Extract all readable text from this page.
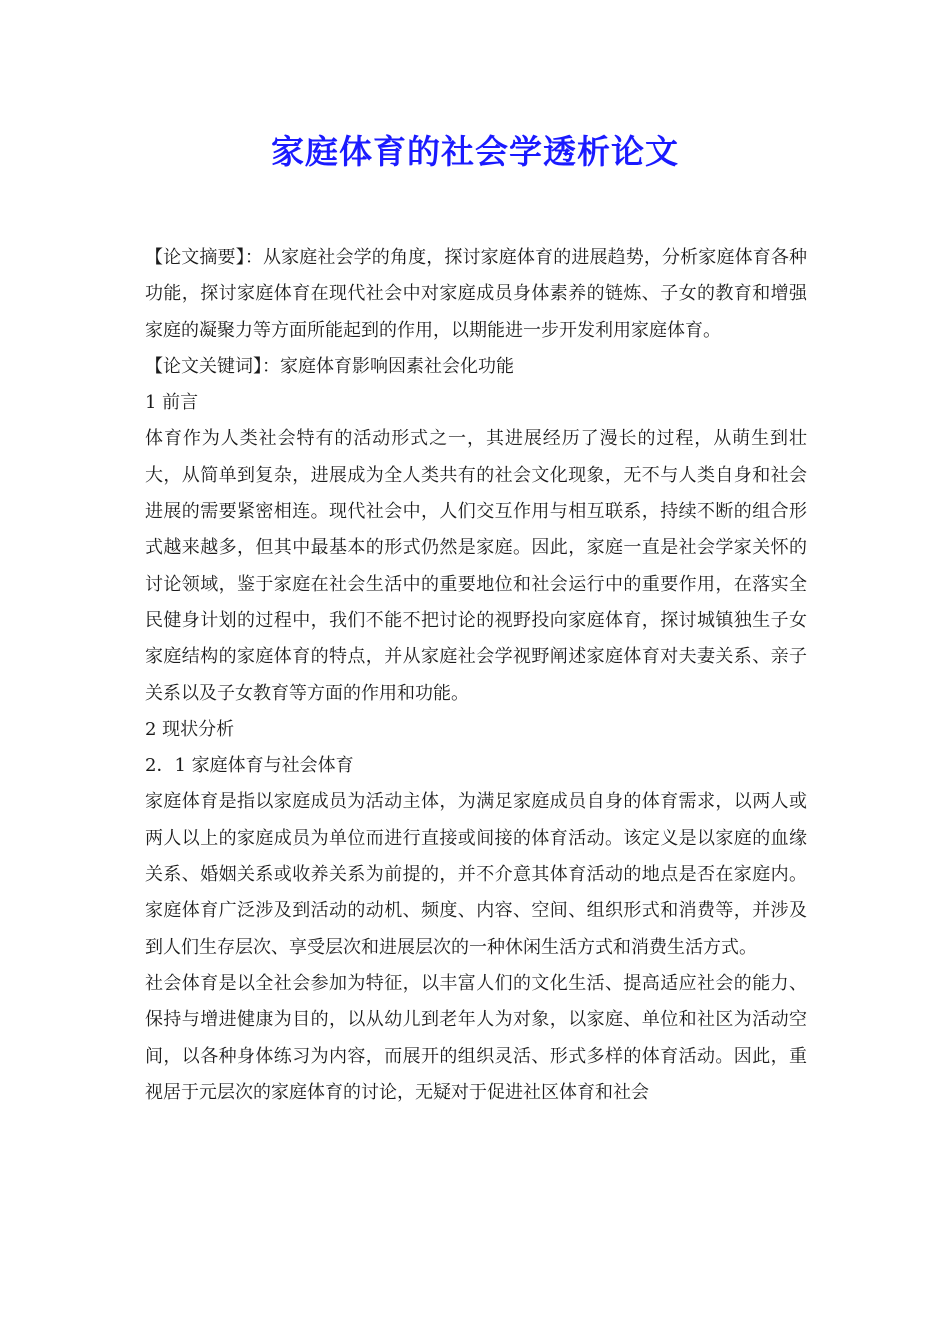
家庭体育的社会学透析论文

【论文摘要】：从家庭社会学的角度，探讨家庭体育的进展趋势，分析家庭体育各种功能，探讨家庭体育在现代社会中对家庭成员身体素养的链炼、子女的教育和增强家庭的凝聚力等方面所能起到的作用，以期能进一步开发利用家庭体育。

【论文关键词】：家庭体育影响因素社会化功能

1 前言

体育作为人类社会特有的活动形式之一，其进展经历了漫长的过程，从萌生到壮大，从简单到复杂，进展成为全人类共有的社会文化现象，无不与人类自身和社会进展的需要紧密相连。现代社会中，人们交互作用与相互联系，持续不断的组合形式越来越多，但其中最基本的形式仍然是家庭。因此，家庭一直是社会学家关怀的讨论领域，鉴于家庭在社会生活中的重要地位和社会运行中的重要作用，在落实全民健身计划的过程中，我们不能不把讨论的视野投向家庭体育，探讨城镇独生子女家庭结构的家庭体育的特点，并从家庭社会学视野阐述家庭体育对夫妻关系、亲子关系以及子女教育等方面的作用和功能。

2 现状分析

2．1 家庭体育与社会体育

家庭体育是指以家庭成员为活动主体，为满足家庭成员自身的体育需求，以两人或两人以上的家庭成员为单位而进行直接或间接的体育活动。该定义是以家庭的血缘关系、婚姻关系或收养关系为前提的，并不介意其体育活动的地点是否在家庭内。家庭体育广泛涉及到活动的动机、频度、内容、空间、组织形式和消费等，并涉及到人们生存层次、享受层次和进展层次的一种休闲生活方式和消费生活方式。

社会体育是以全社会参加为特征，以丰富人们的文化生活、提高适应社会的能力、保持与增进健康为目的，以从幼儿到老年人为对象，以家庭、单位和社区为活动空间，以各种身体练习为内容，而展开的组织灵活、形式多样的体育活动。因此，重视居于元层次的家庭体育的讨论，无疑对于促进社区体育和社会
